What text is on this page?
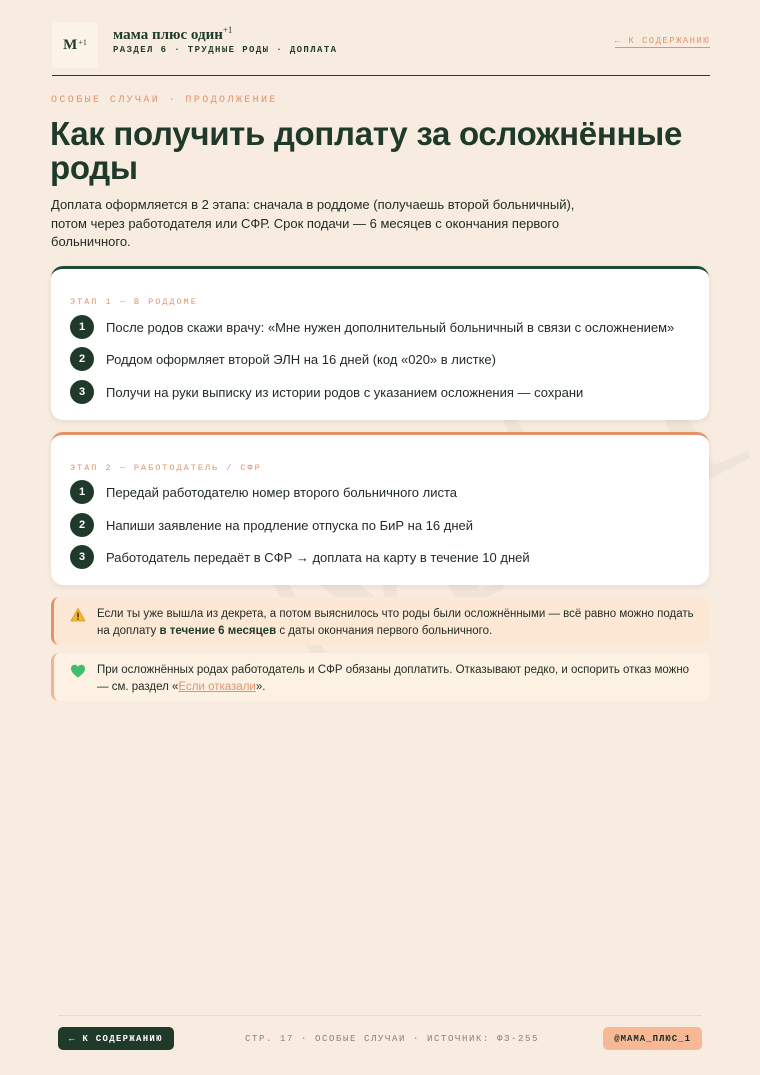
$М^{+1}$ мама плюс один$^{+1}$
РАЗДЕЛ 6 · ТРУДНЫЕ РОДЫ · ДОПЛАТА
← К СОДЕРЖАНИЮ
ОСОБЫЕ СЛУЧАИ · ПРОДОЛЖЕНИЕ
Как получить доплату за осложнённые роды

Доплата оформляется в 2 этапа: сначала в роддоме (получаешь второй больничный), потом через работодателя или СФР. Срок подачи — 6 месяцев с окончания первого больничного.

ЭТАП 1 — В РОДДОМЕ
1	После родов скажи врачу: «Мне нужен дополнительный больничный в связи с осложнением»
2	Роддом оформляет второй ЭЛН на 16 дней (код «020» в листке)
3	Получи на руки выписку из истории родов с указанием осложнения — сохрани
ЭТАП 2 — РАБОТОДАТЕЛЬ / СФР
1	Передай работодателю номер второго больничного листа
2	Напиши заявление на продление отпуска по БиР на 16 дней
3	Работодатель передаёт в СФР → доплата на карту в течение 10 дней
Если ты уже вышла из декрета, а потом выяснилось что роды были осложнёнными — всё равно можно подать на доплату в течение 6 месяцев с даты окончания первого больничного.
При осложнённых родах работодатель и СФР обязаны доплатить. Отказывают редко, и оспорить отказ можно — см. раздел «Если отказали».
← К СОДЕРЖАНИЮ	СТР. 17 · ОСОБЫЕ СЛУЧАИ · ИСТОЧНИК: ФЗ-255	@МАМА_ПЛЮС_1
